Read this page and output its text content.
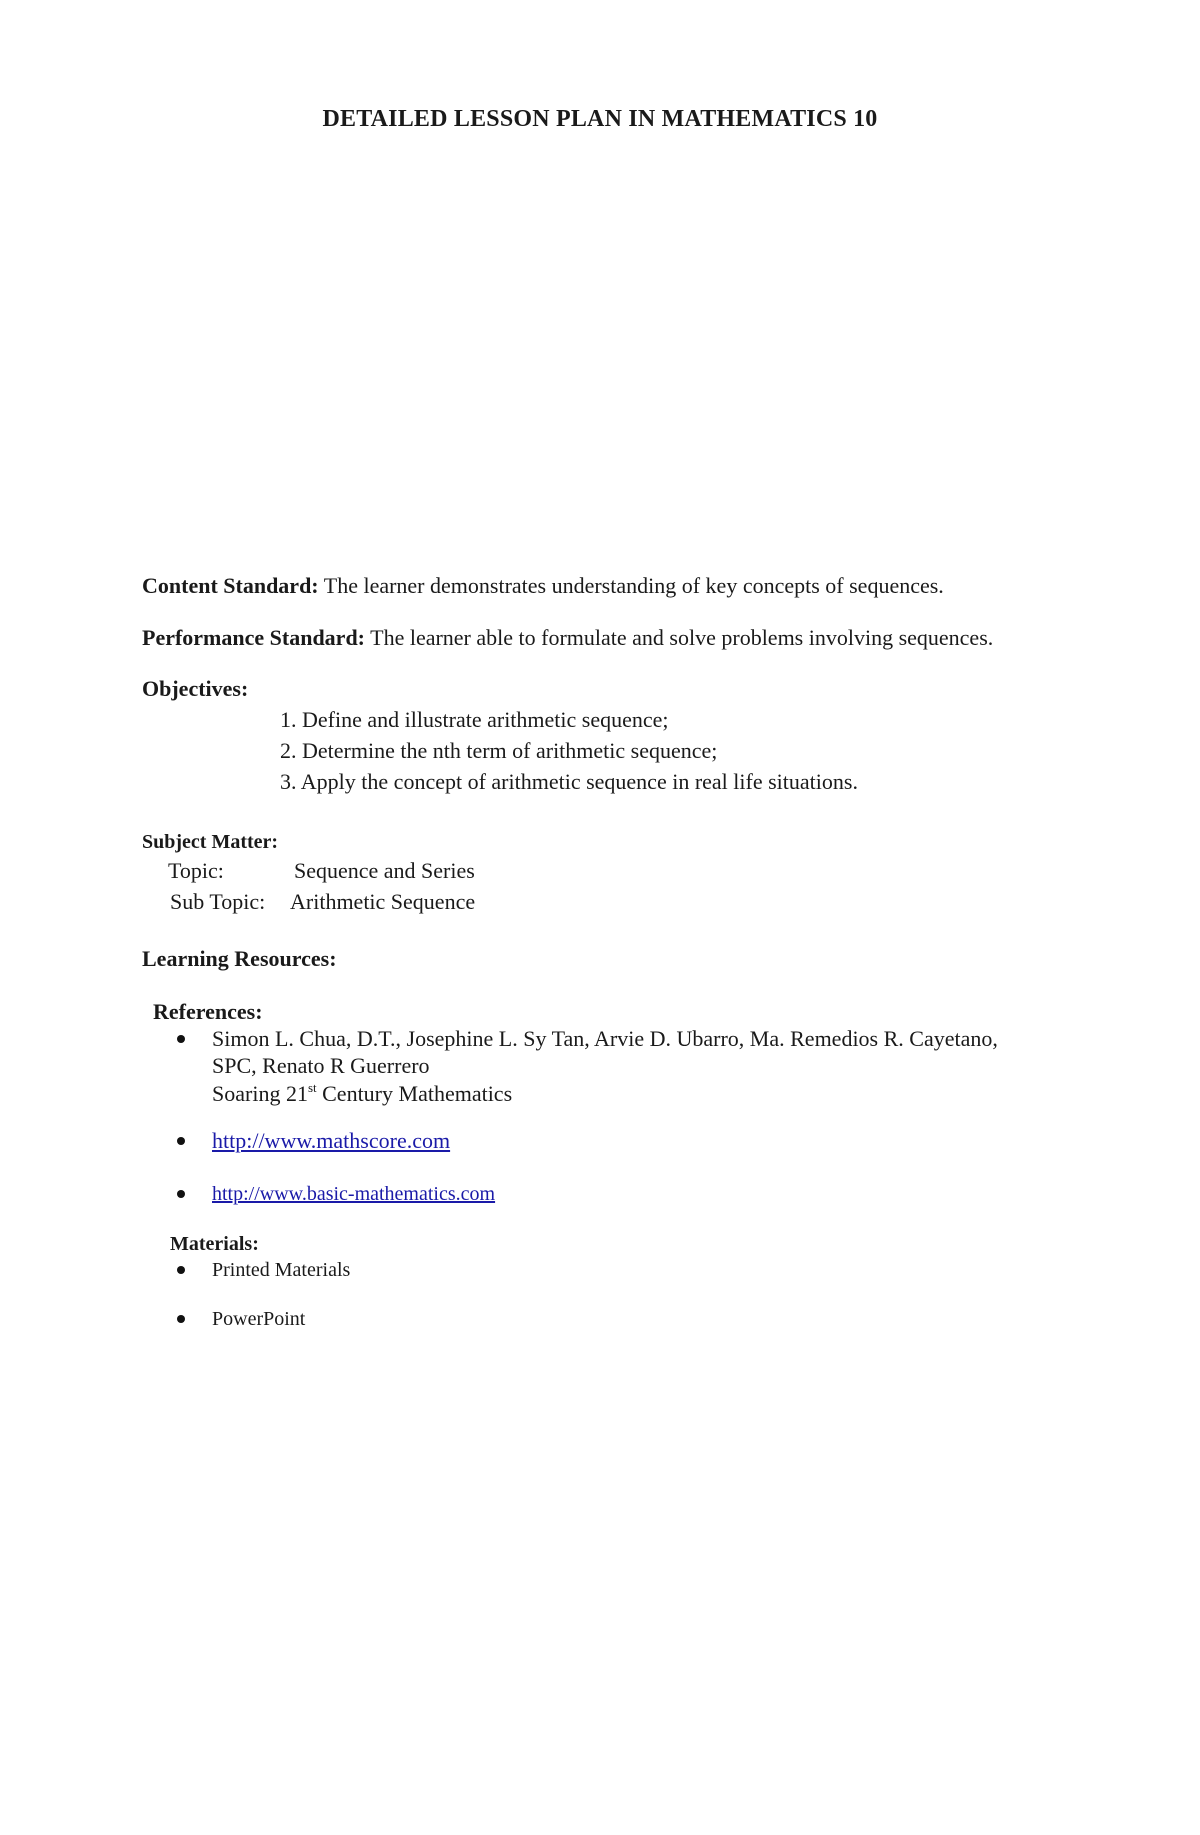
DETAILED LESSON PLAN IN MATHEMATICS 10
Content Standard: The learner demonstrates understanding of key concepts of sequences.
Performance Standard: The learner able to formulate and solve problems involving sequences.
Objectives:
1. Define and illustrate arithmetic sequence;
2. Determine the nth term of arithmetic sequence;
3. Apply the concept of arithmetic sequence in real life situations.
Subject Matter:
Topic:	Sequence and Series
Sub Topic: Arithmetic Sequence
Learning Resources:
References:
Simon L. Chua, D.T., Josephine L. Sy Tan, Arvie D. Ubarro, Ma. Remedios R. Cayetano,
SPC, Renato R Guerrero
Soaring 21st Century Mathematics
http://www.mathscore.com
http://www.basic-mathematics.com
Materials:
Printed Materials
PowerPoint
